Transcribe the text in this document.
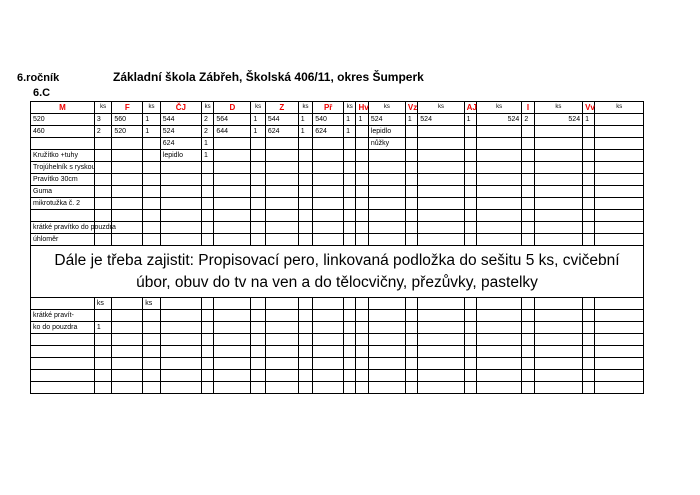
6.ročník
6.C
Základní škola Zábřeh, Školská 406/11, okres Šumperk
M	ks	F	ks	ČJ	ks	D	ks	Z	ks	Př	ks	Hv	ks	Vz	ks	AJ	ks	I	ks	Vv	ks
520	3	560	1	544	2	564	1	544	1	540	1	1	524	1	524	1	524	2	524	1	
460	2	520	1	524	2	644	1	624	1	624	1		lepidlo								
				624	1								nůžky								
Kružítko +tuhy				lepidlo	1																
Trojúhelník s ryskou																					
Pravítko 30cm																					
Guma																					
mikrotužka č. 2																					

krátké pravítko do pouzdra																					
úhloměr																					
Dále je třeba zajistit: Propisovací pero, linkovaná podložka do sešitu 5 ks, cvičební úbor, obuv do tv na ven a do tělocvičny, přezůvky, pastelky																					
	ks		ks																		
krátké pravít-																					
ko do pouzdra	1																				
